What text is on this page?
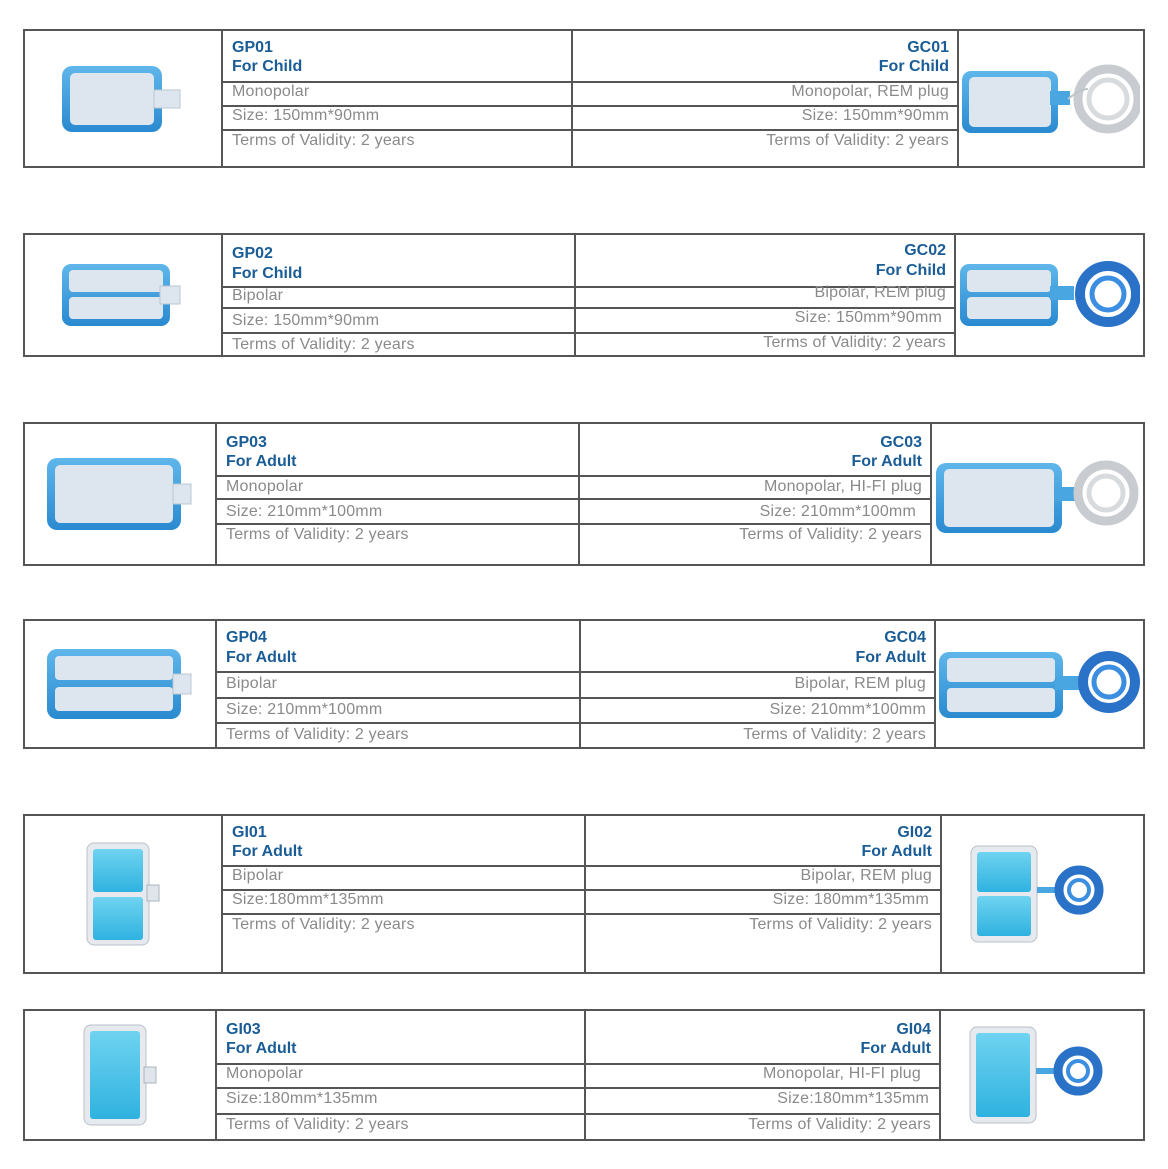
GP01
For Child
Monopolar
Size: 150mm*90mm
Terms of Validity: 2 years
GC01
For Child
Monopolar, REM plug
Size: 150mm*90mm
Terms of Validity: 2 years
GP02
For Child
Bipolar
Size: 150mm*90mm
Terms of Validity: 2 years
GC02
For Child
Bipolar, REM plug
Size: 150mm*90mm
Terms of Validity: 2 years
GP03
For Adult
Monopolar
Size: 210mm*100mm
Terms of Validity: 2 years
GC03
For Adult
Monopolar, HI-FI plug
Size: 210mm*100mm
Terms of Validity: 2 years
GP04
For Adult
Bipolar
Size: 210mm*100mm
Terms of Validity: 2 years
GC04
For Adult
Bipolar, REM plug
Size: 210mm*100mm
Terms of Validity: 2 years
GI01
For Adult
Bipolar
Size:180mm*135mm
Terms of Validity: 2 years
GI02
For Adult
Bipolar, REM plug
Size: 180mm*135mm
Terms of Validity: 2 years
GI03
For Adult
Monopolar
Size:180mm*135mm
Terms of Validity: 2 years
GI04
For Adult
Monopolar, HI-FI plug
Size:180mm*135mm
Terms of Validity: 2 years
